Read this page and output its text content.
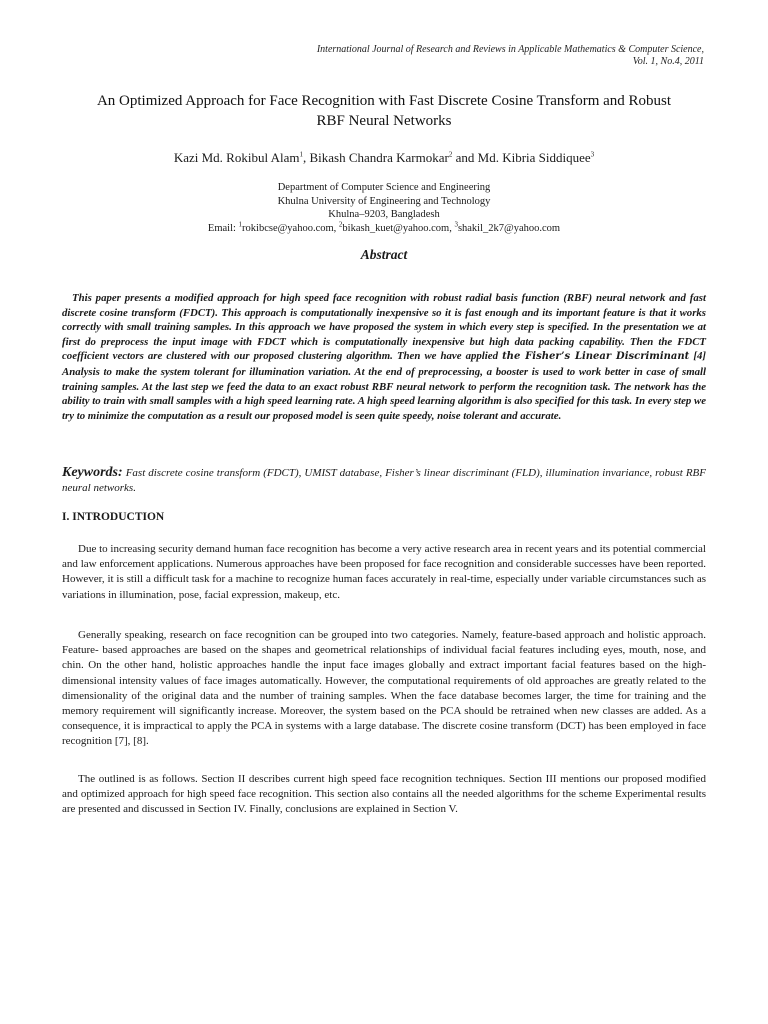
International Journal of Research and Reviews in Applicable Mathematics & Computer Science,
Vol. 1, No.4, 2011
An Optimized Approach for Face Recognition with Fast Discrete Cosine Transform and Robust
RBF Neural Networks
Kazi Md. Rokibul Alam$^1$, Bikash Chandra Karmokar$^2$ and Md. Kibria Siddiquee$^3$
Department of Computer Science and Engineering
Khulna University of Engineering and Technology
Khulna–9203, Bangladesh
Email: $^1$rokibcse@yahoo.com, $^2$bikash_kuet@yahoo.com, $^3$shakil_2k7@yahoo.com
Abstract
This paper presents a modified approach for high speed face recognition with robust radial basis function (RBF) neural network and fast discrete cosine transform (FDCT). This approach is computationally inexpensive so it is fast enough and its important feature is that it works correctly with small training samples. In this approach we have proposed the system in which every step is specified. In the presentation we at first do preprocess the input image with FDCT which is computationally inexpensive but high data packing capability. Then the FDCT coefficient vectors are clustered with our proposed clustering algorithm. Then we have applied the Fisher’s Linear Discriminant [4] Analysis to make the system tolerant for illumination variation. At the end of preprocessing, a booster is used to work better in case of small training samples. At the last step we feed the data to an exact robust RBF neural network to perform the recognition task. The network has the ability to train with small samples with a high speed learning rate. A high speed learning algorithm is also specified for this task. In every step we try to minimize the computation as a result our proposed model is seen quite speedy, noise tolerant and accurate.
Keywords: Fast discrete cosine transform (FDCT), UMIST database, Fisher’s linear discriminant (FLD), illumination invariance, robust RBF neural networks.
I. INTRODUCTION
Due to increasing security demand human face recognition has become a very active research area in recent years and its potential commercial and law enforcement applications. Numerous approaches have been proposed for face recognition and considerable successes have been reported. However, it is still a difficult task for a machine to recognize human faces accurately in real-time, especially under variable circumstances such as variations in illumination, pose, facial expression, makeup, etc.
Generally speaking, research on face recognition can be grouped into two categories. Namely, feature-based approach and holistic approach. Feature- based approaches are based on the shapes and geometrical relationships of individual facial features including eyes, mouth, nose, and chin. On the other hand, holistic approaches handle the input face images globally and extract important facial features based on the high-dimensional intensity values of face images automatically. However, the computational requirements of old approaches are greatly related to the dimensionality of the original data and the number of training samples. When the face database becomes larger, the time for training and the memory requirement will significantly increase. Moreover, the system based on the PCA should be retrained when new classes are added. As a consequence, it is impractical to apply the PCA in systems with a large database. The discrete cosine transform (DCT) has been employed in face recognition [7], [8].
The outlined is as follows. Section II describes current high speed face recognition techniques. Section III mentions our proposed modified and optimized approach for high speed face recognition. This section also contains all the needed algorithms for the scheme Experimental results are presented and discussed in Section IV. Finally, conclusions are explained in Section V.
